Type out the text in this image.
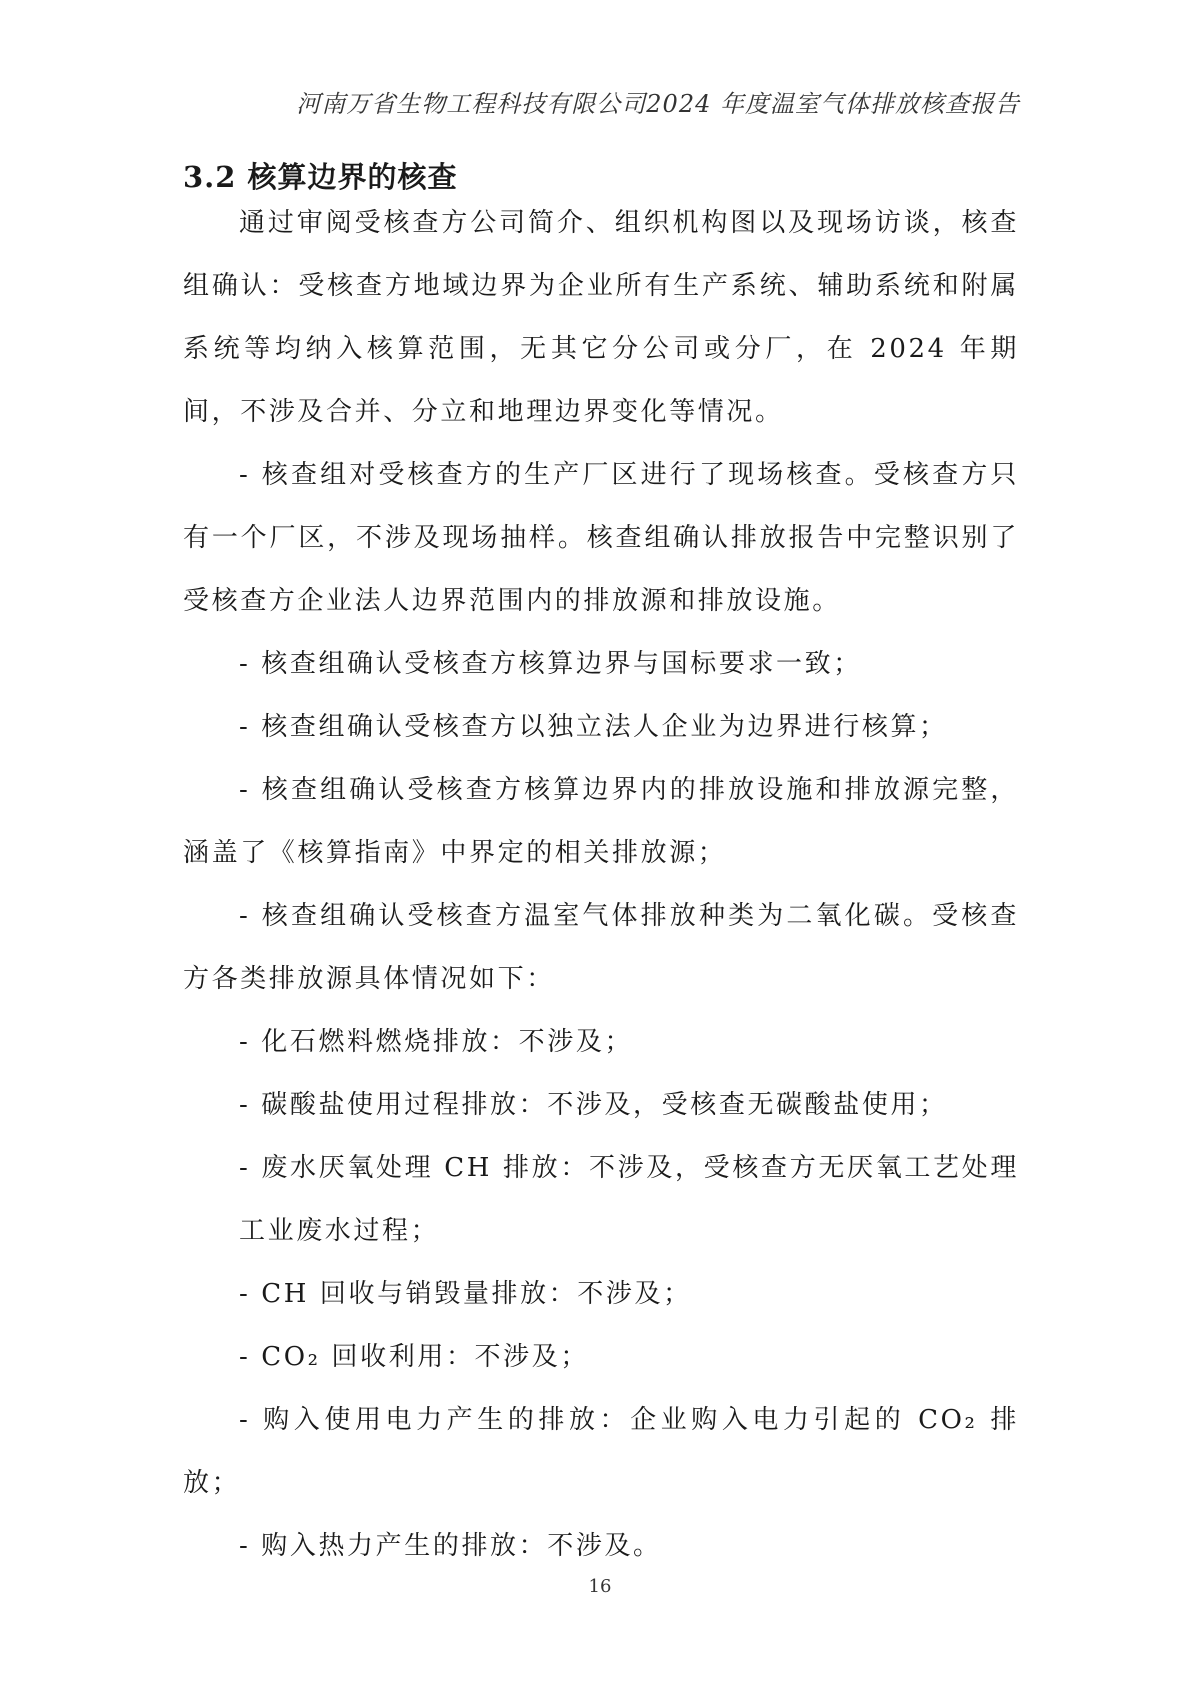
河南万省生物工程科技有限公司2024 年度温室气体排放核查报告
3.2 核算边界的核查

通过审阅受核查方公司简介、组织机构图以及现场访谈，核查组确认：受核查方地域边界为企业所有生产系统、辅助系统和附属系统等均纳入核算范围，无其它分公司或分厂，在 2024 年期间，不涉及合并、分立和地理边界变化等情况。

- 核查组对受核查方的生产厂区进行了现场核查。受核查方只有一个厂区，不涉及现场抽样。核查组确认排放报告中完整识别了受核查方企业法人边界范围内的排放源和排放设施。

- 核查组确认受核查方核算边界与国标要求一致；

- 核查组确认受核查方以独立法人企业为边界进行核算；

- 核查组确认受核查方核算边界内的排放设施和排放源完整，涵盖了《核算指南》中界定的相关排放源；

- 核查组确认受核查方温室气体排放种类为二氧化碳。受核查方各类排放源具体情况如下：

- 化石燃料燃烧排放：不涉及；

- 碳酸盐使用过程排放：不涉及，受核查无碳酸盐使用；

- 废水厌氧处理 CH 排放：不涉及，受核查方无厌氧工艺处理工业废水过程；

- CH 回收与销毁量排放：不涉及；

- CO₂ 回收利用：不涉及；

- 购入使用电力产生的排放：企业购入电力引起的 CO₂ 排放；

- 购入热力产生的排放：不涉及。

16
